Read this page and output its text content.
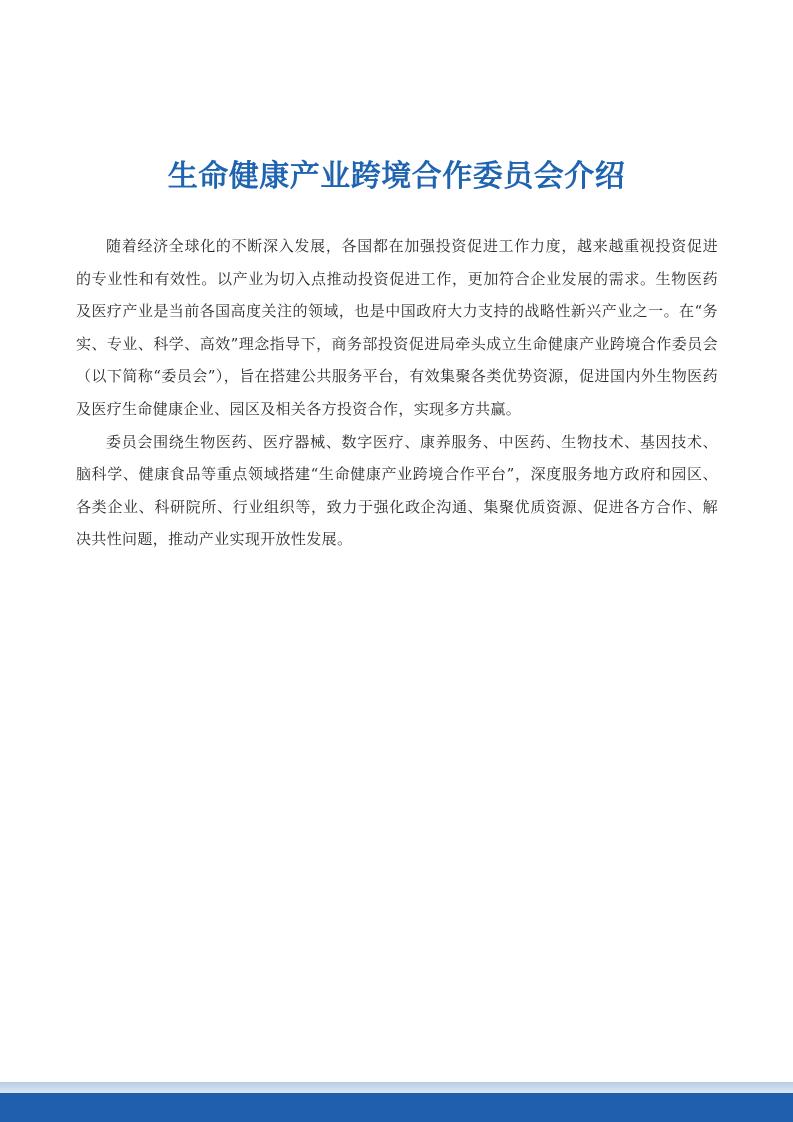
生命健康产业跨境合作委员会介绍

随着经济全球化的不断深入发展，各国都在加强投资促进工作力度，越来越重视投资促进的专业性和有效性。以产业为切入点推动投资促进工作，更加符合企业发展的需求。生物医药及医疗产业是当前各国高度关注的领域，也是中国政府大力支持的战略性新兴产业之一。在“务实、专业、科学、高效”理念指导下，商务部投资促进局牵头成立生命健康产业跨境合作委员会（以下简称“委员会”），旨在搭建公共服务平台，有效集聚各类优势资源，促进国内外生物医药及医疗生命健康企业、园区及相关各方投资合作，实现多方共赢。

委员会围绕生物医药、医疗器械、数字医疗、康养服务、中医药、生物技术、基因技术、脑科学、健康食品等重点领域搭建“生命健康产业跨境合作平台”，深度服务地方政府和园区、各类企业、科研院所、行业组织等，致力于强化政企沟通、集聚优质资源、促进各方合作、解决共性问题，推动产业实现开放性发展。
